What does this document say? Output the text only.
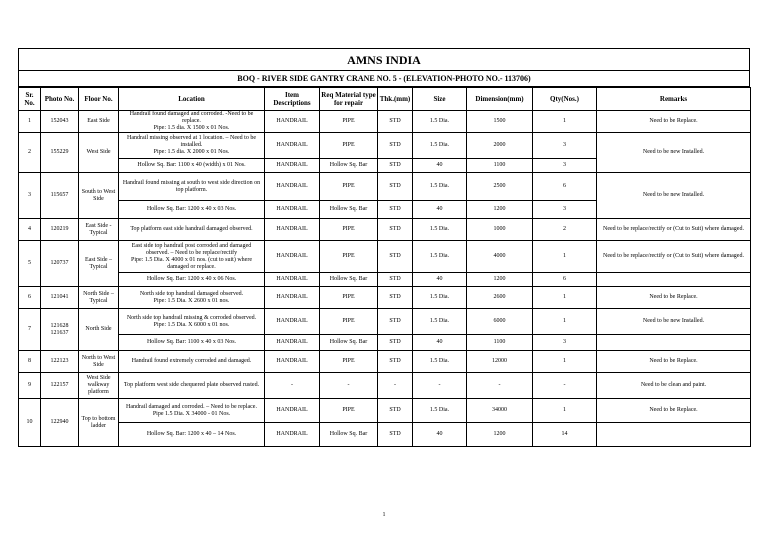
AMNS INDIA
BOQ - RIVER SIDE GANTRY CRANE NO. 5 - (ELEVATION-PHOTO NO.- 113706)
Sr. No.	Photo No.	Floor No.	Location	Item Descriptions	Req Material type for repair	Thk.(mm)	Size	Dimension(mm)	Qty(Nos.)	Remarks
1	152043	East Side	Handrail found damaged and corroded. -Need to be replace.
Pipe: 1.5 dia. X 1500 x 01 Nos.	HANDRAIL	PIPE	STD	1.5 Dia.	1500	1	Need to be Replace.
2	155229	West Side	Handrail missing observed at 1 location. – Need to be installed.
Pipe: 1.5 dia. X 2000 x 01 Nos.	HANDRAIL	PIPE	STD	1.5 Dia.	2000	3	Need to be new Installed.
			Hollow Sq. Bar: 1100 x 40 (width) x 01 Nos.	HANDRAIL	Hollow Sq. Bar	STD	40	1100	3	
3	115657	South to West Side	Handrail found missing at south to west side direction on top platform.	HANDRAIL	PIPE	STD	1.5 Dia.	2500	6	Need to be new Installed.
			Hollow Sq. Bar: 1200 x 40 x 03 Nos.	HANDRAIL	Hollow Sq. Bar	STD	40	1200	3	
4	120219	East Side - Typical	Top platform east side handrail damaged observed.	HANDRAIL	PIPE	STD	1.5 Dia.	1000	2	Need to be replace/rectify or (Cut to Suit) where damaged.
5	120737	East Side – Typical	East side top handrail post corroded and damaged observed. – Need to be replace/rectify
Pipe: 1.5 Dia. X 4000 x 01 nos. (cut to suit) where damaged or replace.	HANDRAIL	PIPE	STD	1.5 Dia.	4000	1	Need to be replace/rectify or (Cut to Suit) where damaged.
			Hollow Sq. Bar: 1200 x 40 x 06 Nos.	HANDRAIL	Hollow Sq. Bar	STD	40	1200	6	
6	121041	North Side – Typical	North side top handrail damaged observed.
Pipe: 1.5 Dia. X 2600 x 01 nos.	HANDRAIL	PIPE	STD	1.5 Dia.	2600	1	Need to be Replace.
7	121628
121637	North Side	North side top handrail missing & corroded observed.
Pipe: 1.5 Dia. X 6000 x 01 nos.	HANDRAIL	PIPE	STD	1.5 Dia.	6000	1	Need to be new Installed.
			Hollow Sq. Bar: 1100 x 40 x 03 Nos.	HANDRAIL	Hollow Sq. Bar	STD	40	1100	3	
8	122123	North to West Side	Handrail found extremely corroded and damaged.	HANDRAIL	PIPE	STD	1.5 Dia.	12000	1	Need to be Replace.
9	122157	West Side walkway platform	Top platform west side chequered plate observed rusted.	-	-	-	-	-	-	Need to be clean and paint.
10	122940	Top to bottom ladder	Handrail damaged and corroded. – Need to be replace.
Pipe 1.5 Dia. X 34000 - 01 Nos.	HANDRAIL	PIPE	STD	1.5 Dia.	34000	1	Need to be Replace.
			Hollow Sq. Bar: 1200 x 40 – 14 Nos.	HANDRAIL	Hollow Sq. Bar	STD	40	1200	14	
1
